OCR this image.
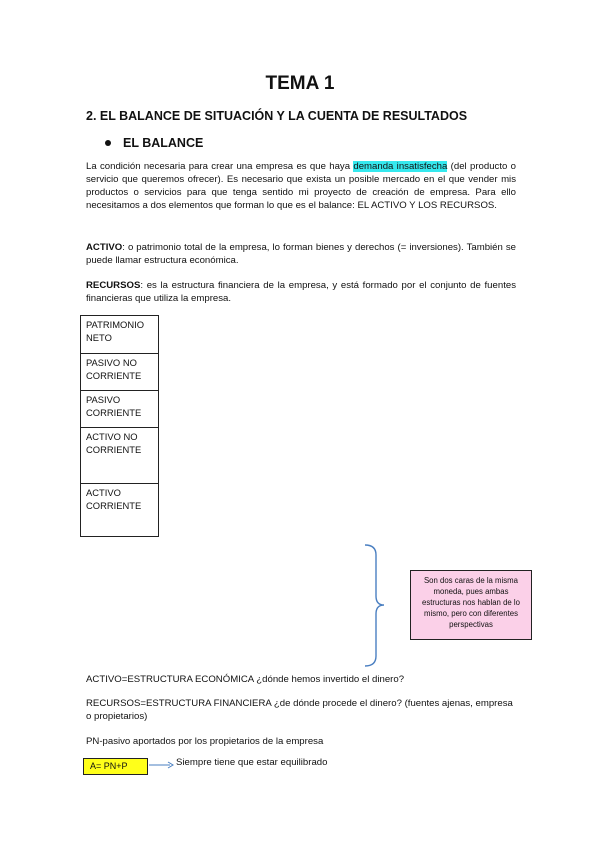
TEMA 1
2. EL BALANCE DE SITUACIÓN Y LA CUENTA DE RESULTADOS
EL BALANCE
La condición necesaria para crear una empresa es que haya demanda insatisfecha (del producto o servicio que queremos ofrecer). Es necesario que exista un posible mercado en el que vender mis productos o servicios para que tenga sentido mi proyecto de creación de empresa. Para ello necesitamos a dos elementos que forman lo que es el balance: EL ACTIVO Y LOS RECURSOS.
ACTIVO: o patrimonio total de la empresa, lo forman bienes y derechos (= inversiones). También se puede llamar estructura económica.
RECURSOS: es la estructura financiera de la empresa, y está formado por el conjunto de fuentes financieras que utiliza la empresa.
PATRIMONIO NETO
PASIVO NO CORRIENTE
PASIVO CORRIENTE
ACTIVO NO CORRIENTE
ACTIVO CORRIENTE
Son dos caras de la misma moneda, pues ambas estructuras nos hablan de lo mismo, pero con diferentes perspectivas
ACTIVO=ESTRUCTURA ECONÓMICA ¿dónde hemos invertido el dinero?
RECURSOS=ESTRUCTURA FINANCIERA ¿de dónde procede el dinero? (fuentes ajenas, empresa o propietarios)
PN-pasivo aportados por los propietarios de la empresa
A= PN+P	Siempre tiene que estar equilibrado
